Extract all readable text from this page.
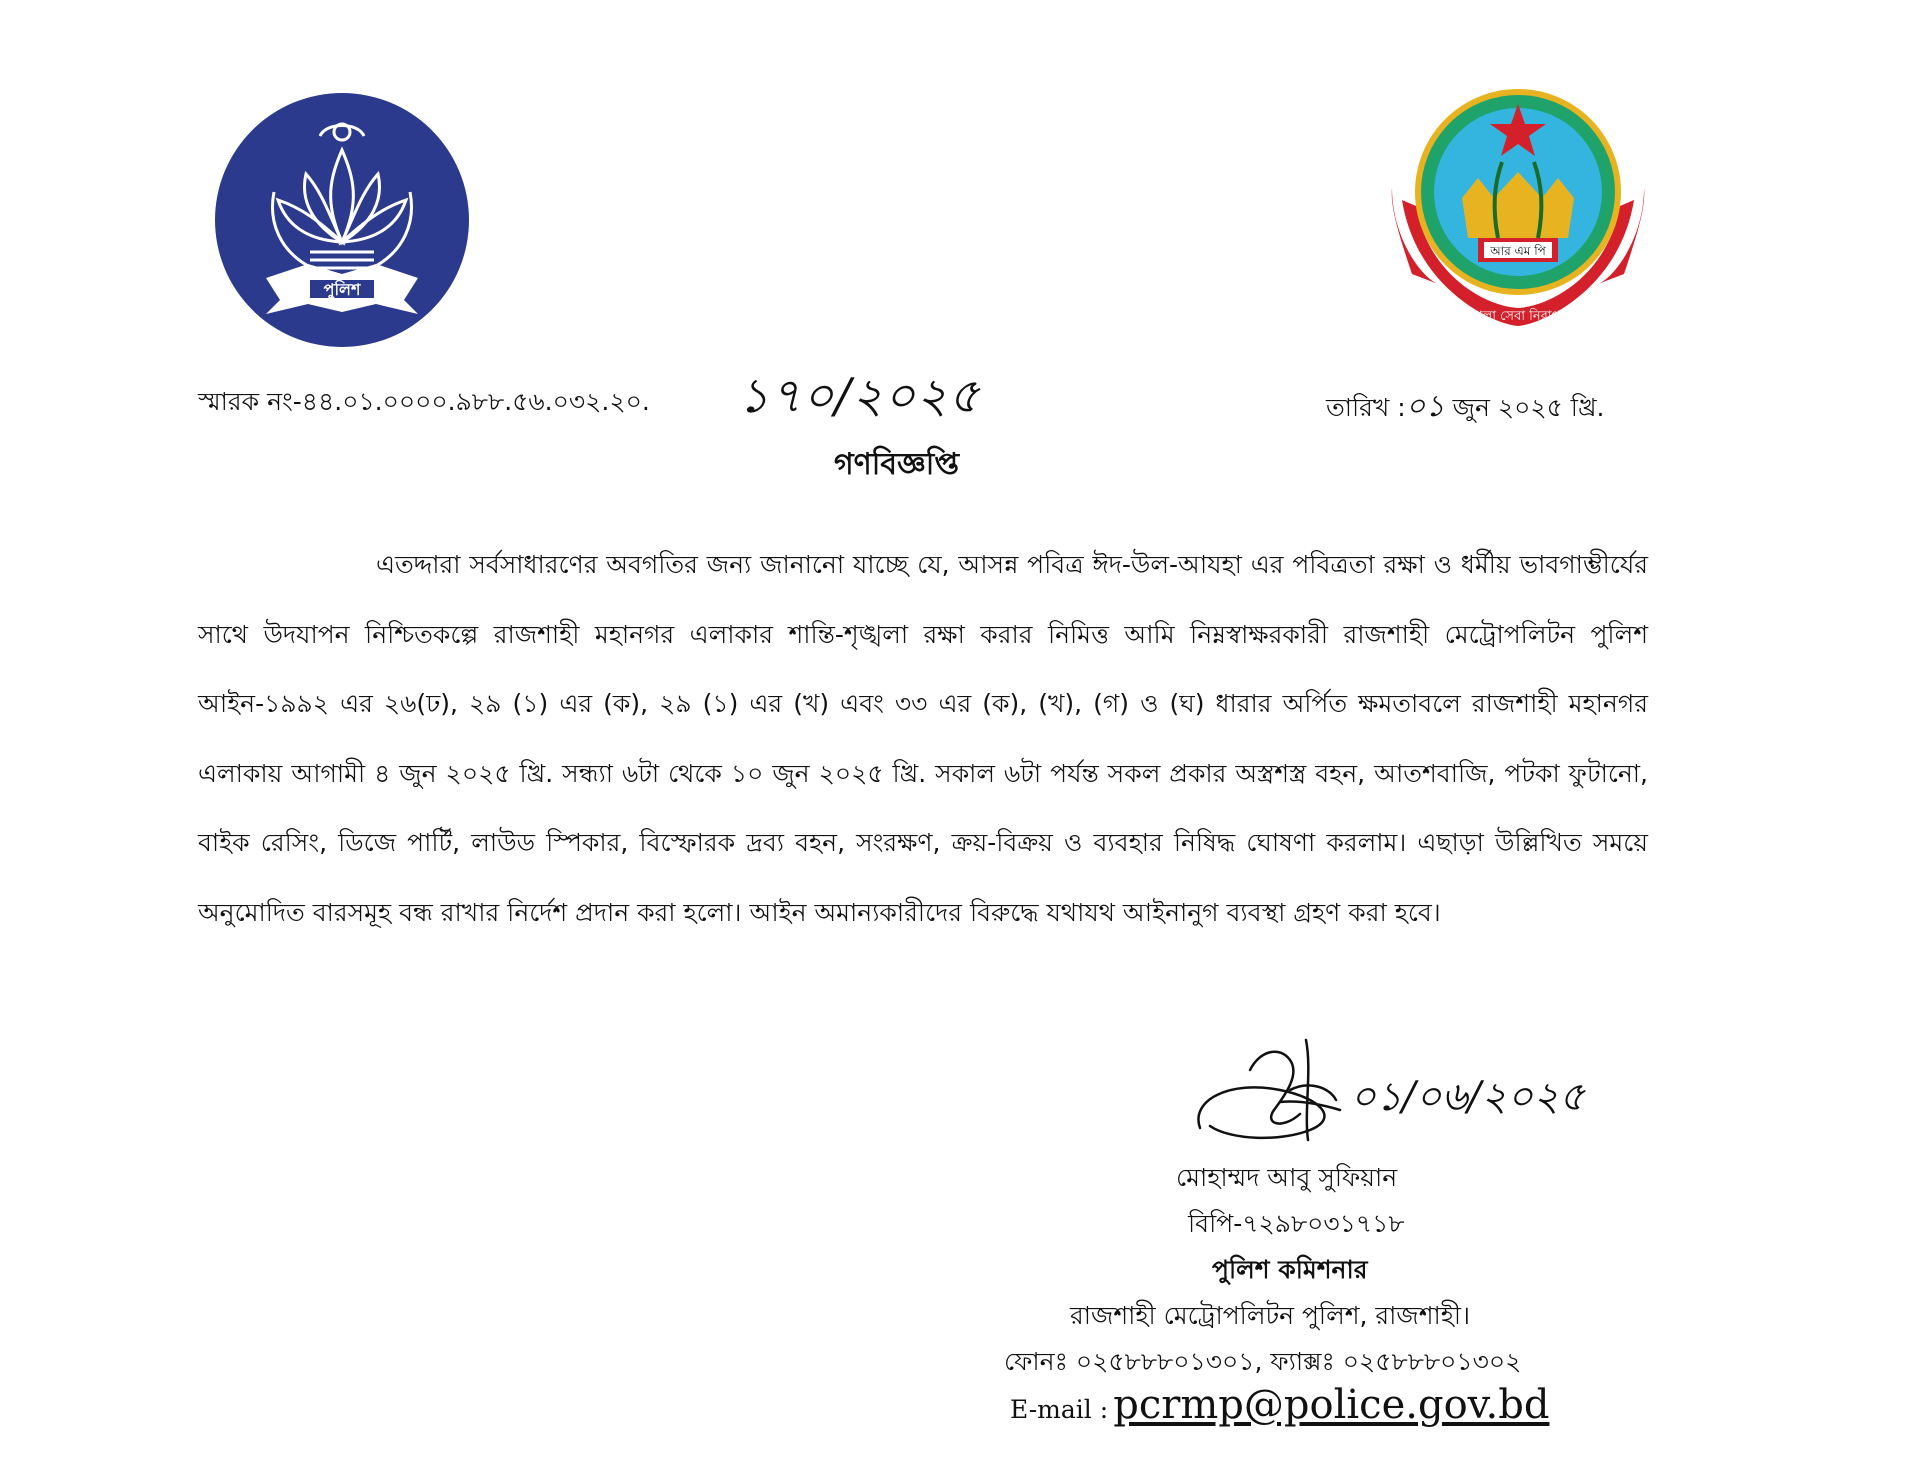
পুলিশ
আর এম পি
শৃঙ্খলা সেবা নিরাপত্তা
স্মারক নং-৪৪.০১.০০০০.৯৮৮.৫৬.০৩২.২০. ১৭০/২০২৫	তারিখ :০১ জুন ২০২৫ খ্রি.
গণবিজ্ঞপ্তি

এতদ্দারা সর্বসাধারণের অবগতির জন্য জানানো যাচ্ছে যে, আসন্ন পবিত্র ঈদ-উল-আযহা এর পবিত্রতা রক্ষা ও ধর্মীয় ভাবগাম্ভীর্যের সাথে উদযাপন নিশ্চিতকল্পে রাজশাহী মহানগর এলাকার শান্তি-শৃঙ্খলা রক্ষা করার নিমিত্ত আমি নিম্নস্বাক্ষরকারী রাজশাহী মেট্রোপলিটন পুলিশ আইন-১৯৯২ এর ২৬(ঢ), ২৯ (১) এর (ক), ২৯ (১) এর (খ) এবং ৩৩ এর (ক), (খ), (গ) ও (ঘ) ধারার অর্পিত ক্ষমতাবলে রাজশাহী মহানগর এলাকায় আগামী ৪ জুন ২০২৫ খ্রি. সন্ধ্যা ৬টা থেকে ১০ জুন ২০২৫ খ্রি. সকাল ৬টা পর্যন্ত সকল প্রকার অস্ত্রশস্ত্র বহন, আতশবাজি, পটকা ফুটানো, বাইক রেসিং, ডিজে পার্টি, লাউড স্পিকার, বিস্ফোরক দ্রব্য বহন, সংরক্ষণ, ক্রয়-বিক্রয় ও ব্যবহার নিষিদ্ধ ঘোষণা করলাম। এছাড়া উল্লিখিত সময়ে অনুমোদিত বারসমূহ বন্ধ রাখার নির্দেশ প্রদান করা হলো। আইন অমান্যকারীদের বিরুদ্ধে যথাযথ আইনানুগ ব্যবস্থা গ্রহণ করা হবে।

০১/০৬/২০২৫
মোহাম্মদ আবু সুফিয়ান
বিপি-৭২৯৮০৩১৭১৮
পুলিশ কমিশনার
রাজশাহী মেট্রোপলিটন পুলিশ, রাজশাহী।
ফোনঃ ০২৫৮৮৮০১৩০১, ফ্যাক্সঃ ০২৫৮৮৮০১৩০২
E-mail : pcrmp@police.gov.bd
